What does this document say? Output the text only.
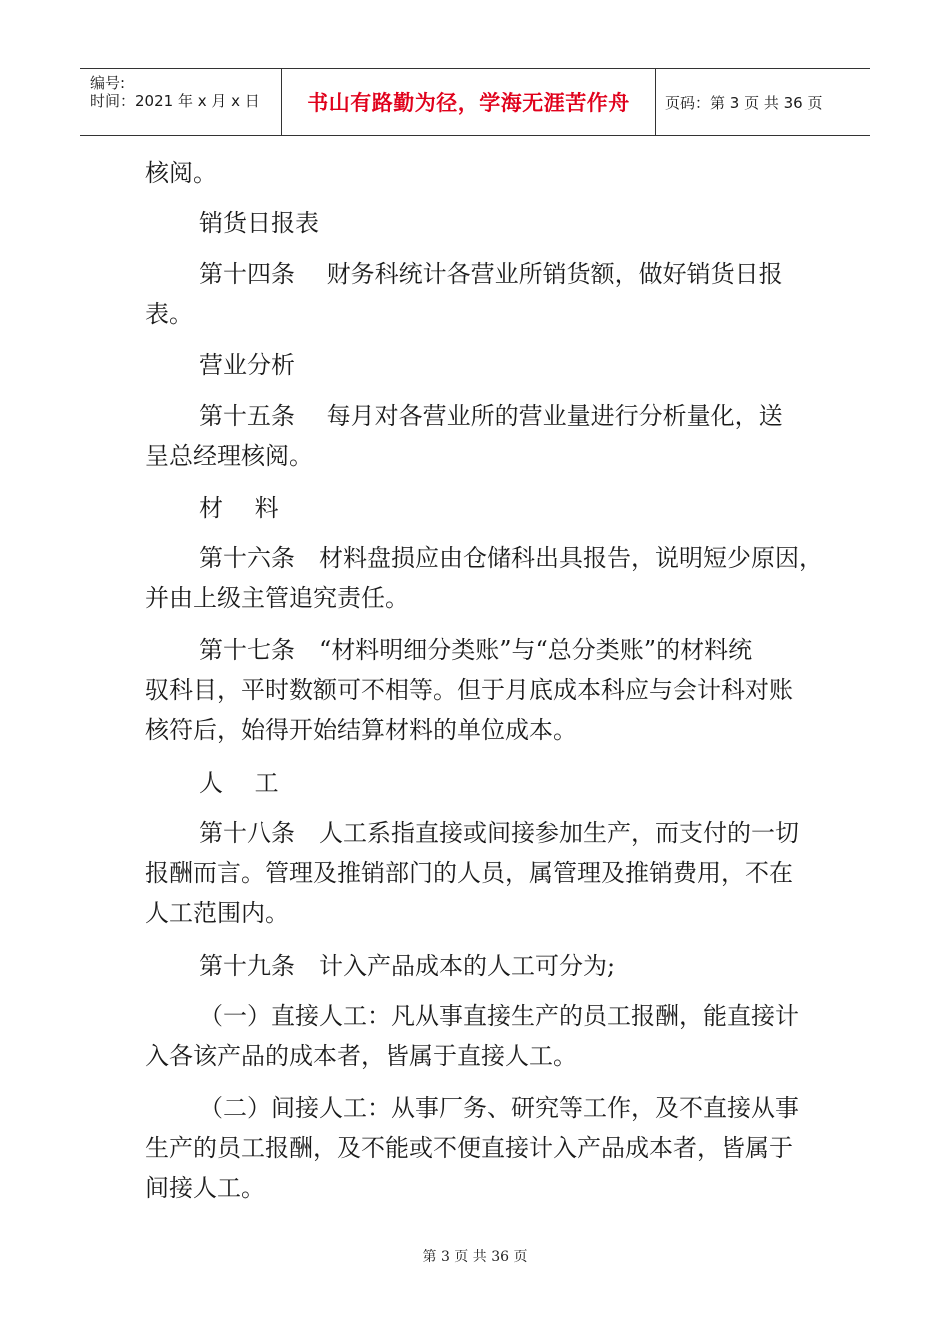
编号:
时间：2021 年 x 月 x 日 书山有路勤为径，学海无涯苦作舟 页码：第 3 页 共 36 页

核阅。

销货日报表

第十四条　 财务科统计各营业所销货额，做好销货日报
表。

营业分析

第十五条　 每月对各营业所的营业量进行分析量化，送
呈总经理核阅。

材　 料

第十六条　材料盘损应由仓储科出具报告，说明短少原因，
并由上级主管追究责任。

第十七条　“材料明细分类账”与“总分类账”的材料统
驭科目，平时数额可不相等。但于月底成本科应与会计科对账
核符后，始得开始结算材料的单位成本。

人　 工

第十八条　人工系指直接或间接参加生产，而支付的一切
报酬而言。管理及推销部门的人员，属管理及推销费用，不在
人工范围内。

第十九条　计入产品成本的人工可分为;

（一）直接人工：凡从事直接生产的员工报酬，能直接计
入各该产品的成本者，皆属于直接人工。

（二）间接人工：从事厂务、研究等工作，及不直接从事
生产的员工报酬，及不能或不便直接计入产品成本者，皆属于
间接人工。

第 3 页 共 36 页
